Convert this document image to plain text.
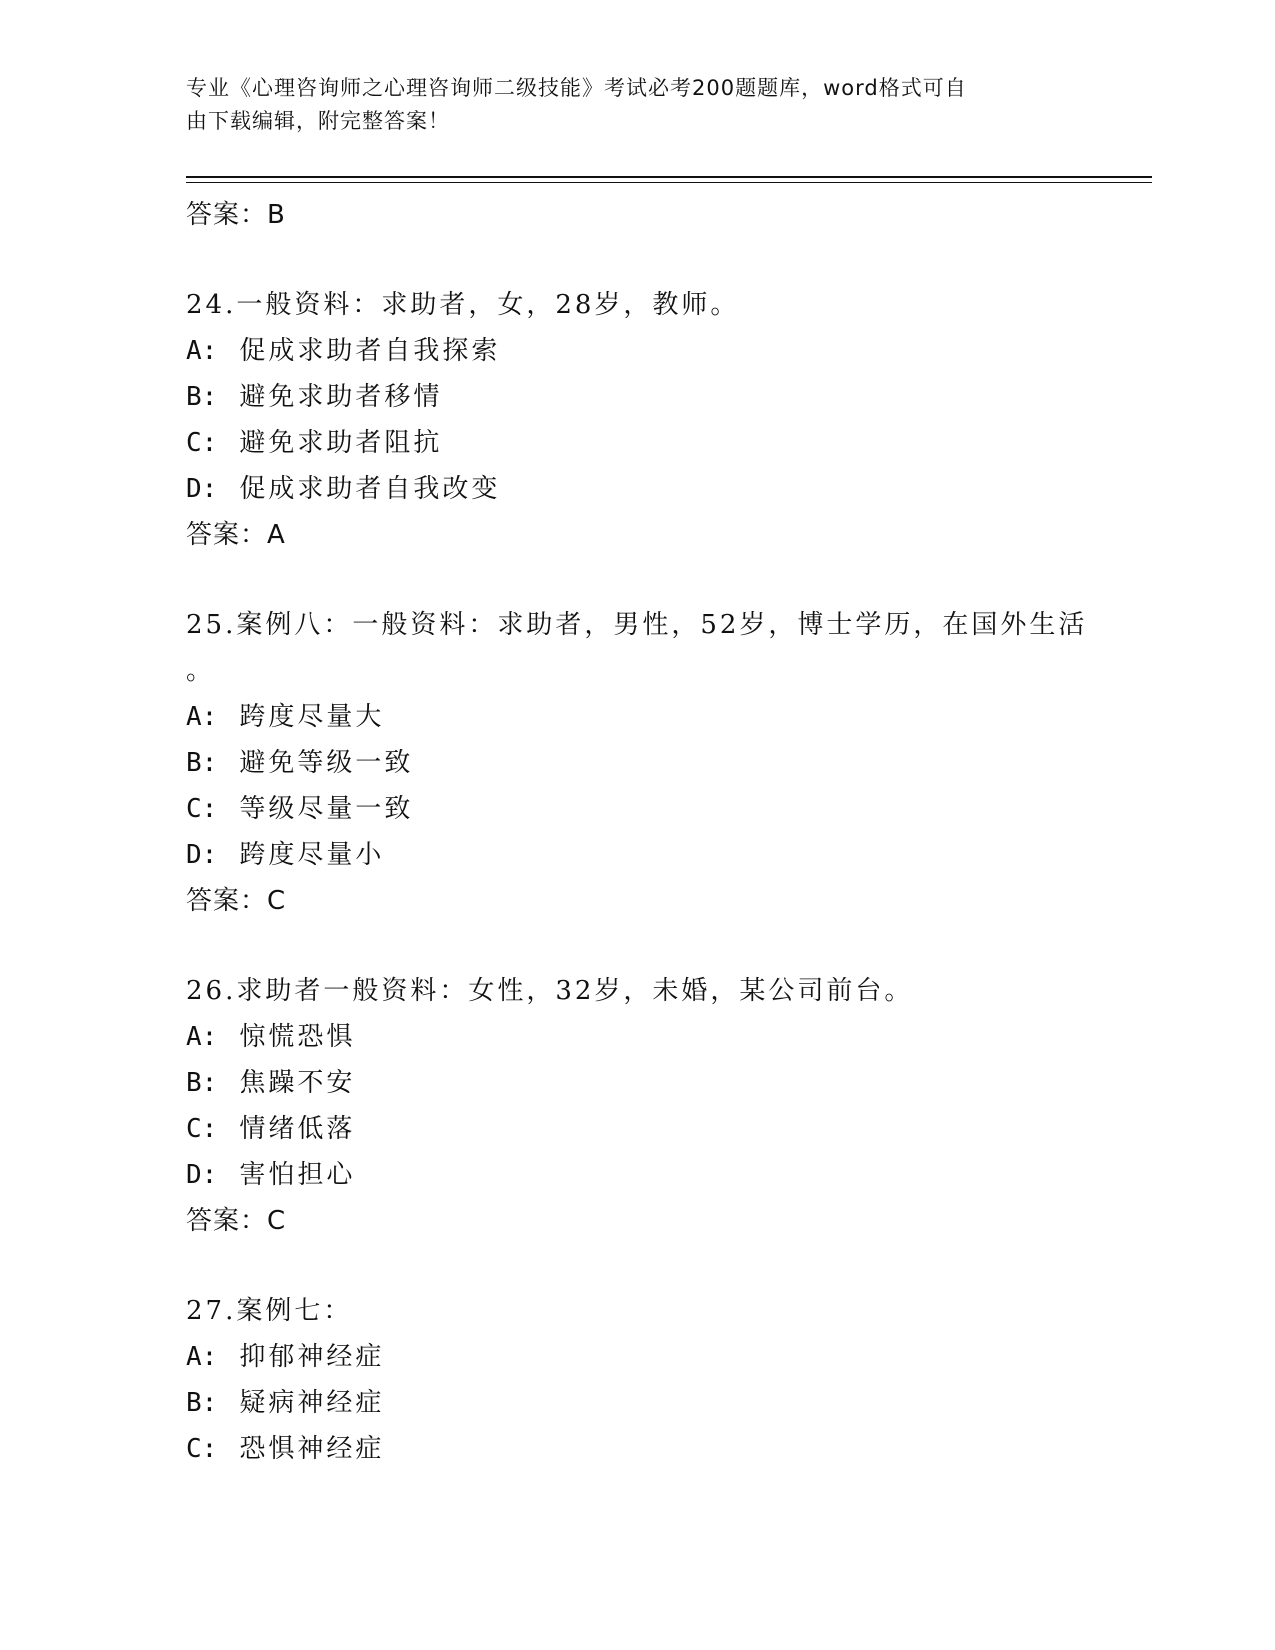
专业《心理咨询师之心理咨询师二级技能》考试必考200题题库，word格式可自
由下载编辑，附完整答案！
答案：B
24.一般资料：求助者，女，28岁，教师。
A: 促成求助者自我探索
B: 避免求助者移情
C: 避免求助者阻抗
D: 促成求助者自我改变
答案：A
25.案例八：一般资料：求助者，男性，52岁，博士学历，在国外生活
。
A: 跨度尽量大
B: 避免等级一致
C: 等级尽量一致
D: 跨度尽量小
答案：C
26.求助者一般资料：女性，32岁，未婚，某公司前台。
A: 惊慌恐惧
B: 焦躁不安
C: 情绪低落
D: 害怕担心
答案：C
27.案例七：
A: 抑郁神经症
B: 疑病神经症
C: 恐惧神经症
